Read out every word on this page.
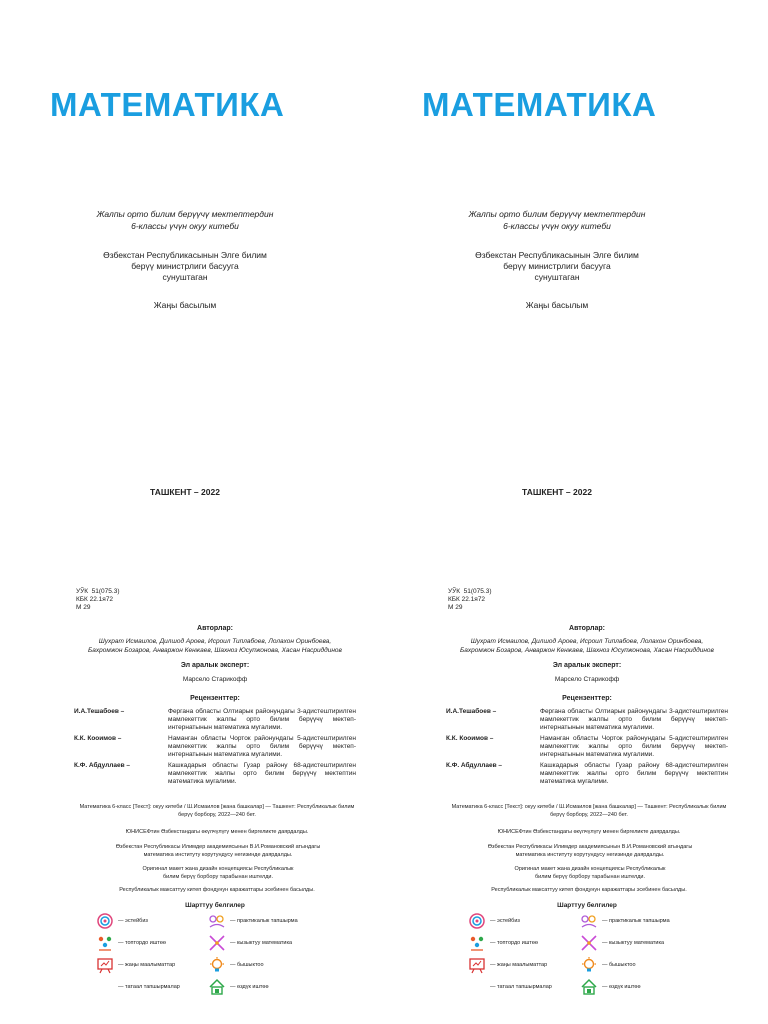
МАТЕМАТИКА
Жалпы орто билим берүүчү мектептердин
6-классы үчүн окуу китеби
Өзбекстан Республикасынын Элге билим
берүү министрлиги басууга
сунуштаган
Жаңы басылым
ТАШКЕНТ – 2022
УЎК  51(075.3)
КБК 22.1я72
М 29
Авторлар:
Шухрат Исмаилов, Дилшод Ароев, Исроил Типлабоев, Лолахон Оринбоева,
Бахромжон Бозаров, Анваржон Кенжаев, Шахноз Юсупжонова, Хасан Насриддинов
Эл аралык эксперт:
Марсело Старикофф
Рецензенттер:
И.А.Тешабоев –	Фергана областы Олтиарык районундагы 3-адистештирилген мамлекеттик жалпы орто билим берүүчү мектеп-интернатынын математика мугалими.
К.К. Коoимов –	Наманган областы Чорток районундагы 5-адистештирилген мамлекеттик жалпы орто билим берүүчү мектеп-интернатынын математика мугалими.
К.Ф. Абдуллаев –	Кашкадарыя областы Гузар району 68-адистештирилген мамлекеттик жалпы орто билим берүүчү мектептин математика мугалими.
Математика 6-класс [Текст]: окуу китеби / Ш.Исмаилов [жана башкалар] — Ташкент: Республикалык билим берүү борбору, 2022—240 бет.
ЮНИСЕФтин Өзбекстандагы өкүлчүлүгү менен биргеликте даярдалды.
Өзбекстан Республикасы Илимдер академиясынын В.И.Романовский атындагы математика институту корутундусу негизинде даярдалды.
Оригинал макет жана дизайн концепциясы Республикалык билим берүү борбору тарабынан иштелди.
Республикалык максаттуу китеп фондунун каражаттары эсебинен басылды.
Шарттуу белгилер
— эстейбиз	— практикалык тапшырма
— топтордо иштөө	— кызыктуу математика
— жаңы маалыматтар	— бышыктоо
— татаал тапшырмалар	— өздүк иштөө
МАТЕМАТИКА
Жалпы орто билим берүүчү мектептердин
6-классы үчүн окуу китеби
Өзбекстан Республикасынын Элге билим
берүү министрлиги басууга
сунуштаган
Жаңы басылым
ТАШКЕНТ – 2022
УЎК  51(075.3)
КБК 22.1я72
М 29
Авторлар:
Шухрат Исмаилов, Дилшод Ароев, Исроил Типлабоев, Лолахон Оринбоева,
Бахромжон Бозаров, Анваржон Кенжаев, Шахноз Юсупжонова, Хасан Насриддинов
Эл аралык эксперт:
Марсело Старикофф
Рецензенттер:
И.А.Тешабоев –	Фергана областы Олтиарык районундагы 3-адистештирилген мамлекеттик жалпы орто билим берүүчү мектеп-интернатынын математика мугалими.
К.К. Коoимов –	Наманган областы Чорток районундагы 5-адистештирилген мамлекеттик жалпы орто билим берүүчү мектеп-интернатынын математика мугалими.
К.Ф. Абдуллаев –	Кашкадарыя областы Гузар району 68-адистештирилген мамлекеттик жалпы орто билим берүүчү мектептин математика мугалими.
Математика 6-класс [Текст]: окуу китеби / Ш.Исмаилов [жана башкалар] — Ташкент: Республикалык билим берүү борбору, 2022—240 бет.
ЮНИСЕФтин Өзбекстандагы өкүлчүлүгү менен биргеликте даярдалды.
Өзбекстан Республикасы Илимдер академиясынын В.И.Романовский атындагы математика институту корутундусу негизинде даярдалды.
Оригинал макет жана дизайн концепциясы Республикалык билим берүү борбору тарабынан иштелди.
Республикалык максаттуу китеп фондунун каражаттары эсебинен басылды.
Шарттуу белгилер
— эстейбиз	— практикалык тапшырма
— топтордо иштөө	— кызыктуу математика
— жаңы маалыматтар	— бышыктоо
— татаал тапшырмалар	— өздүк иштөө
